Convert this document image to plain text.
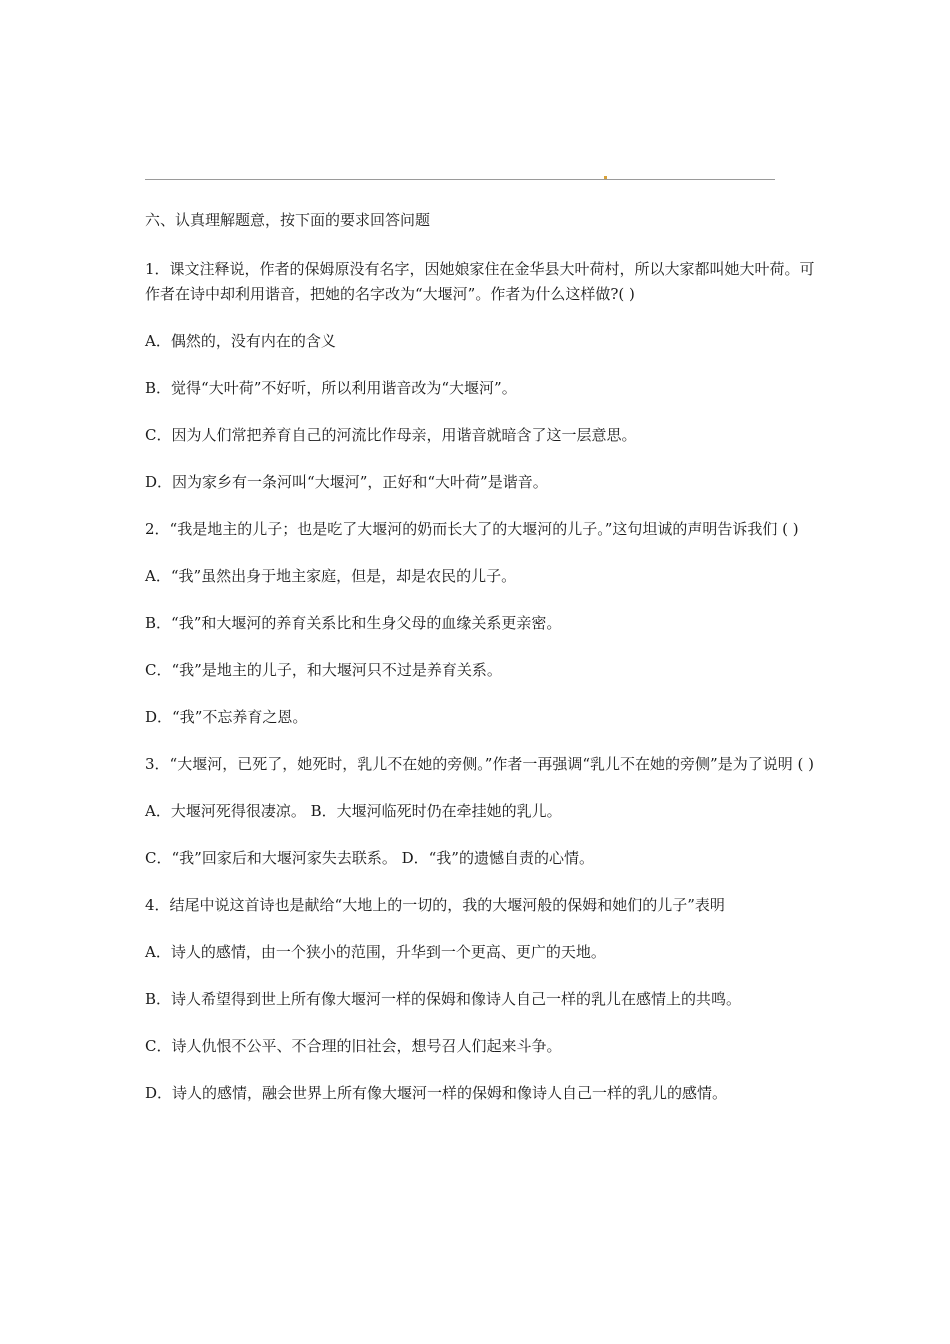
六、认真理解题意，按下面的要求回答问题

1．课文注释说，作者的保姆原没有名字，因她娘家住在金华县大叶荷村，所以大家都叫她大叶荷。可作者在诗中却利用谐音，把她的名字改为“大堰河”。作者为什么这样做?( )

A．偶然的，没有内在的含义

B．觉得“大叶荷”不好听，所以利用谐音改为“大堰河”。

C．因为人们常把养育自己的河流比作母亲，用谐音就暗含了这一层意思。

D．因为家乡有一条河叫“大堰河”，正好和“大叶荷”是谐音。

2．“我是地主的儿子；也是吃了大堰河的奶而长大了的大堰河的儿子。”这句坦诚的声明告诉我们 ( )

A．“我”虽然出身于地主家庭，但是，却是农民的儿子。

B．“我”和大堰河的养育关系比和生身父母的血缘关系更亲密。

C．“我”是地主的儿子，和大堰河只不过是养育关系。

D．“我”不忘养育之恩。

3．“大堰河，已死了，她死时，乳儿不在她的旁侧。”作者一再强调“乳儿不在她的旁侧”是为了说明 ( )

A．大堰河死得很凄凉。 B．大堰河临死时仍在牵挂她的乳儿。

C．“我”回家后和大堰河家失去联系。 D．“我”的遗憾自责的心情。

4．结尾中说这首诗也是献给“大地上的一切的，我的大堰河般的保姆和她们的儿子”表明

A．诗人的感情，由一个狭小的范围，升华到一个更高、更广的天地。

B．诗人希望得到世上所有像大堰河一样的保姆和像诗人自己一样的乳儿在感情上的共鸣。

C．诗人仇恨不公平、不合理的旧社会，想号召人们起来斗争。

D．诗人的感情，融会世界上所有像大堰河一样的保姆和像诗人自己一样的乳儿的感情。
